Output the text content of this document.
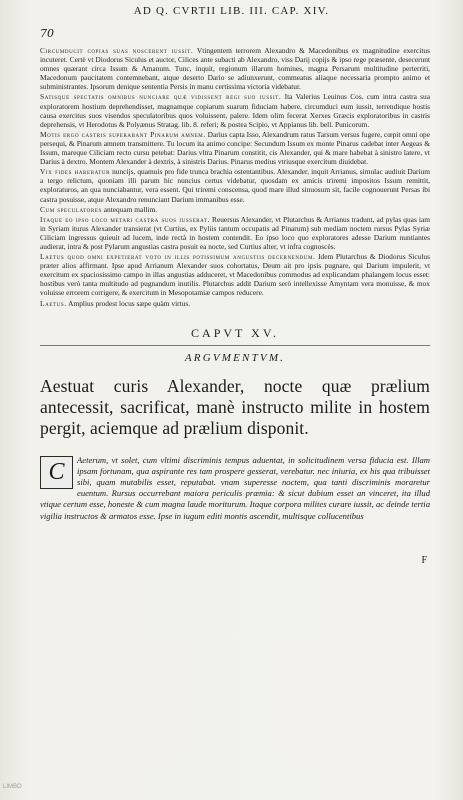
70
AD Q. CVRTII LIB. III. CAP. XIV.

Circumducit copias suas noscerent iussit. Vtingentem terrorem Alexandro & Macedonibus ex magnitudine exercitus incuteret. Certè vt Diodorus Siculus et auctor, Cilices ante subacti ab Alexandro, viss Darij copijs & ipso rege præsente, desecerunt omnes quærant circa Issum & Amanum. Tunc, inquit, regionum illarum homines, magna Persarum multitudine perterriti, Macedonum paucitatem contemnebant, atque deserto Dario se adiunxerunt, commeatus aliaque necessaria prompto animo et subministrantes. Ipsorum denique sententia Persis in manu certissima victoria videbatur.

Satisque spectatis omnibus nunciare quæ vidissent regi suo iussit. Ita Valerius Leuinus Cos. cum intra castra sua exploratorem hostium deprehendisset, magnamque copiarum suarum fiduciam habere, circumduci eum iussit, terrendique hostis causa exercitus suos visendos speculatoribus quos voluissent, palere. Idem olim fecerat Xerxes Græcis exploratoribus in castris deprehensis, vt Herodotus & Polyænus Stratag. lib. 8. referi; & postea Scipio, vt Appianus lib. bell. Punicorum.

Motis ergo castris superabant Pinarum amnem. Darius capta Isso, Alexandrum ratus Tarsum versus fugere, cœpit omni ope persequi, & Pinarum amnem transmittere. Tu locum ita animo concipe: Secundum Issum ex monte Pinarus cadebat inter Aegeas & Issum, mareque Ciliciam recto cursu petebat: Darius vltra Pinarum constitit, cis Alexander, qui & mare habebat à sinistro latere, vt Darius à dextro. Montem Alexander à dextris, à sinistris Darius. Pinarus medius vtriusque exercitum diuidebat.

Vix fides habebatur nuncijs, quamuis pro fide trunca brachia ostentantibus. Alexander, inquit Arrianus, simulac audiuit Darium a tergo relictum, quoniam illi parum hic nuncius certus videbatur, quosdam ex amicis triremi impositos Issum remittit, exploraturos, an qua nunciabantur, vera essent. Qui triremi conscensa, quod mare illud sinuosum sit, facile cognouerunt Persas ibi castra posuisse, atque Alexandro renunciant Darium immanibus esse.

Cum speculatores antequam mallim.

Itaque eo ipso loco metari castra suos iusserat. Reuersus Alexander, vt Plutarchus & Arrianus tradunt, ad pylas quas iam in Syriam iturus Alexander transierat (vt Curtius, ex Pyliis tantum occupatis ad Pinarum) sub mediam noctem rursus Pylas Syriæ Ciliciam ingressus quieuit ad lucem, inde rectà in hostem contendit. Eo ipso loco quo exploratores adesse Darium nuntiantes audierat, intra & post Pylarum angustias castra posuit ea nocte, sed Curtius alter, vt infra cognoscès.

Laetus quod omni expetierat voto in illis potissimum angustiis decernendum. Idem Plutarchus & Diodorus Siculus præter alios affirmant. Ipse apud Arrianum Alexander suos cohortatus, Deum ait pro ipsis pugnare, qui Darium impulerit, vt exercitum ex spaciosissimo campo in illas angustias adduceret, vt Macedonibus commodus ad explicandam phalangem locus esset: hostibus verò tanta multitudo ad pugnandum inutilis. Plutarchus addit Darium serò intellexisse Amyntam vera monuisse, & mox voluisse errorem corrigere, & exercitum in Mesopotamiæ campos reducere.

Laetus. Amplius prodest locus sæpe quàm virtus.

CAPVT XV.
ARGVMENTVM.
Aestuat curis Alexander, nocte quæ prælium antecessit, sacrificat, manè instructo milite in hostem pergit, aciemque ad prælium disponit.
C	Aeterum, vt solet, cum vltimi discriminis tempus aduentat, in solicitudinem versa fiducia est. Illam ipsam fortunam, qua aspirante res tam prospere gesserat, verebatur. nec iniuria, ex his qua tribuisset sibi, quam mutabilis esset, reputabat. vnam superesse noctem, qua tanti discriminis moraretur euentum. Rursus occurrebant maiora periculis præmia: & sicut dubium esset an vinceret, ita illud vtique certum esse, honeste & cum magna laude moriturum. Itaque corpora milites curare iussit, ac deinde tertia vigilia instructos & armatos esse. Ipse in iugum editi montis ascendit, multisque collucentibus
F
LIMBO
